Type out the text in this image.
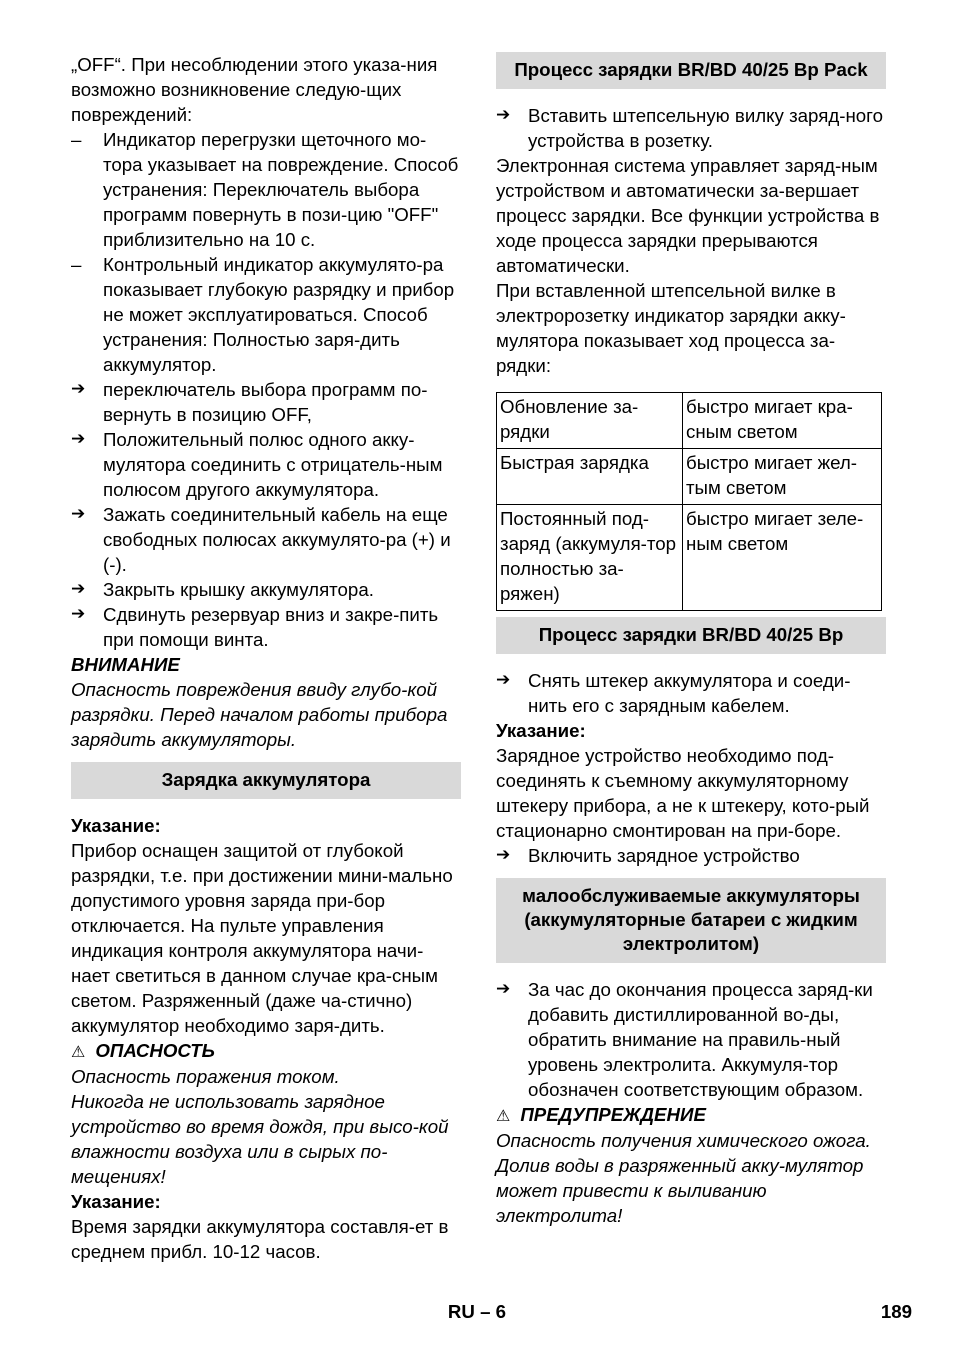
„OFF“. При несоблюдении этого указа-ния возможно возникновение следую-щих повреждений:

– Индикатор перегрузки щеточного мо-тора указывает на повреждение. Способ устранения: Переключатель выбора программ повернуть в пози-цию "OFF" приблизительно на 10 с.

– Контрольный индикатор аккумулято-ра показывает глубокую разрядку и прибор не может эксплуатироваться. Способ устранения: Полностью заря-дить аккумулятор.

➔ переключатель выбора программ по-вернуть в позицию OFF,

➔ Положительный полюс одного акку-мулятора соединить с отрицатель-ным полюсом другого аккумулятора.

➔ Зажать соединительный кабель на еще свободных полюсах аккумулято-ра (+) и (-).

➔ Закрыть крышку аккумулятора.

➔ Сдвинуть резервуар вниз и закре-пить при помощи винта.

ВНИМАНИЕ

Опасность повреждения ввиду глубо-кой разрядки. Перед началом работы прибора зарядить аккумуляторы.

Зарядка аккумулятора

Указание:

Прибор оснащен защитой от глубокой разрядки, т.е. при достижении мини-мально допустимого уровня заряда при-бор отключается. На пульте управления индикация контроля аккумулятора начи-нает светиться в данном случае кра-сным светом. Разряженный (даже ча-стично) аккумулятор необходимо заря-дить.

⚠ ОПАСНОСТЬ

Опасность поражения током.

Никогда не использовать зарядное устройство во время дождя, при высо-кой влажности воздуха или в сырых по-мещениях!

Указание:

Время зарядки аккумулятора составля-ет в среднем прибл. 10-12 часов.

Процесс зарядки BR/BD 40/25 Bp Pack
➔ Вставить штепсельную вилку заряд-ного устройства в розетку.

Электронная система управляет заряд-ным устройством и автоматически за-вершает процесс зарядки. Все функции устройства в ходе процесса зарядки прерываются автоматически.

При вставленной штепсельной вилке в электророзетку индикатор зарядки акку-мулятора показывает ход процесса за-рядки:

Обновление за-рядки	быстро мигает кра-сным светом
Быстрая зарядка	быстро мигает жел-тым светом
Постоянный под-заряд (аккумуля-тор полностью за-ряжен)	быстро мигает зеле-ным светом
Процесс зарядки BR/BD 40/25 Bp
➔ Снять штекер аккумулятора и соеди-нить его с зарядным кабелем.

Указание:

Зарядное устройство необходимо под-соединять к съемному аккумуляторному штекеру прибора, а не к штекеру, кото-рый стационарно смонтирован на при-боре.

➔ Включить зарядное устройство

малообслуживаемые аккумуляторы (аккумуляторные батареи с жидким электролитом)
➔ За час до окончания процесса заряд-ки добавить дистиллированной во-ды, обратить внимание на правиль-ный уровень электролита. Аккумуля-тор обозначен соответствующим образом.

⚠ ПРЕДУПРЕЖДЕНИЕ

Опасность получения химического ожога. Долив воды в разряженный акку-мулятор может привести к выливанию электролита!

RU – 6	189
